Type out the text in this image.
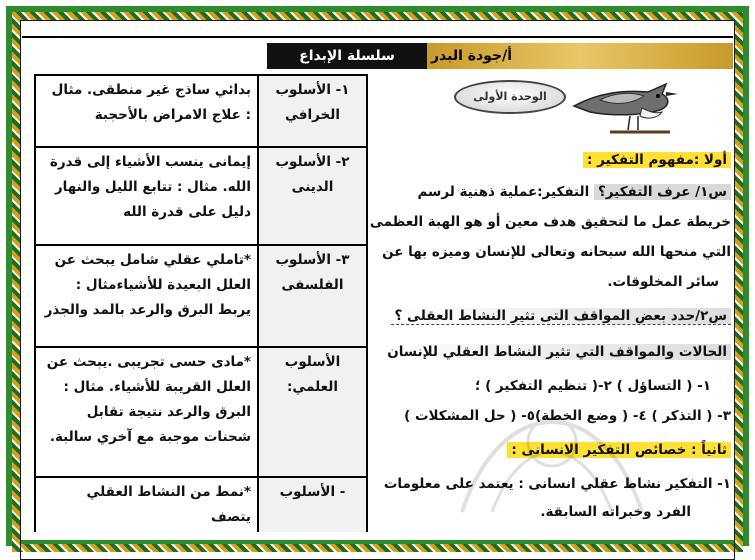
سلسلة الإبداع	أ/جودة البدر
١- الأسلوب الخرافي	بدائي ساذج غير منطقى. مثال : علاج الامراض بالأحجبة
٢- الأسلوب الدينى	إيمانى ينسب الأشياء إلى قدرة الله. مثال : تتابع الليل والنهار دليل على قدرة الله
٣- الأسلوب الفلسفى	*تاملي عقلي شامل يبحث عن العلل البعيدة للأشياءمثال : يربط البرق والرعد بالمد والجذر
الأسلوب العلمي:	*مادى حسى تجريبى .يبحث عن العلل القريبة للأشياء. مثال : البرق والرعد نتيجة تقابل شحنات موجبة مع آخري سالبة.
- الأسلوب	*نمط من النشاط العقلي يتصف
الوحدة الأولى
أولا :مفهوم التفكير :
س١/ عرف التفكير؟ التفكير:عملية ذهنية لرسم
خريطة عمل ما لتحقيق هدف معين أو هو الهبة العظمى
التي منحها الله سبحانه وتعالى للإنسان وميزه بها عن
سائر المخلوقات.
س٢/حدد بعض المواقف التى تثير النشاط العقلى ؟
الحالات والمواقف التي تثير النشاط العقلي للإنسان
١- ( التساؤل ) ٢-( تنظيم التفكير ) ؛
٣- ( التذكر ) ٤- ( وضع الخطة)٥- ( حل المشكلات )
ثانياً : خصائص التفكير الانسانى :
١- التفكير نشاط عقلي انسانى : يعتمد على معلومات
الفرد وخبراته السابقة.
